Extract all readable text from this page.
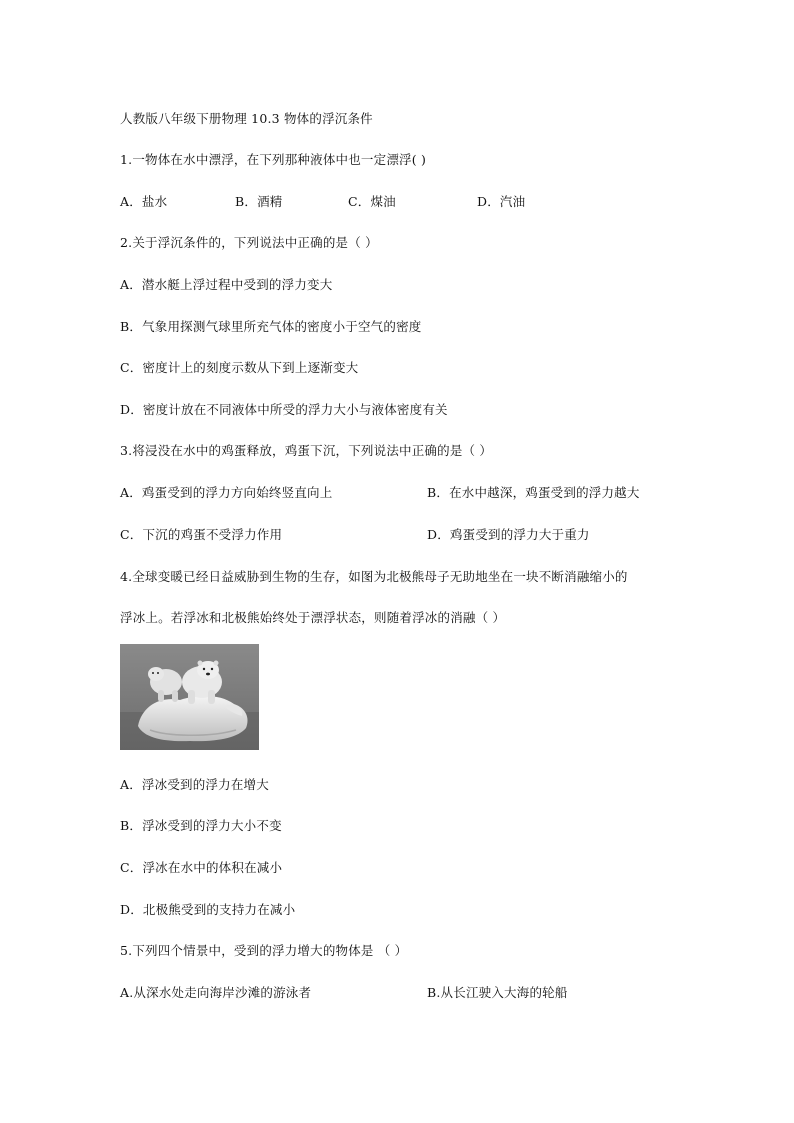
人教版八年级下册物理 10.3 物体的浮沉条件
1.一物体在水中漂浮，在下列那种液体中也一定漂浮( )
A．盐水	B．酒精	C．煤油	D．汽油
2.关于浮沉条件的，下列说法中正确的是（ ）
A．潜水艇上浮过程中受到的浮力变大
B．气象用探测气球里所充气体的密度小于空气的密度
C．密度计上的刻度示数从下到上逐渐变大
D．密度计放在不同液体中所受的浮力大小与液体密度有关
3.将浸没在水中的鸡蛋释放，鸡蛋下沉，下列说法中正确的是（ ）
A．鸡蛋受到的浮力方向始终竖直向上	B．在水中越深，鸡蛋受到的浮力越大
C．下沉的鸡蛋不受浮力作用	D．鸡蛋受到的浮力大于重力
4.全球变暖已经日益威胁到生物的生存，如图为北极熊母子无助地坐在一块不断消融缩小的
浮冰上。若浮冰和北极熊始终处于漂浮状态，则随着浮冰的消融（ ）
A．浮冰受到的浮力在增大
B．浮冰受到的浮力大小不变
C．浮冰在水中的体积在减小
D．北极熊受到的支持力在减小
5.下列四个情景中，受到的浮力增大的物体是 （ ）
A.从深水处走向海岸沙滩的游泳者	B.从长江驶入大海的轮船
